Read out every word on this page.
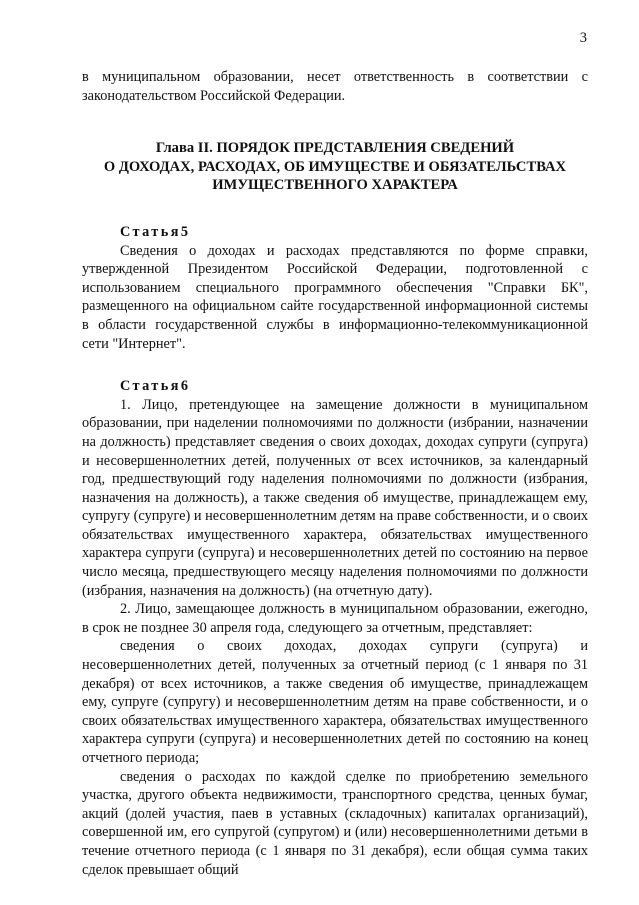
3

в муниципальном образовании, несет ответственность в соответствии с законодательством Российской Федерации.

Глава II. ПОРЯДОК ПРЕДСТАВЛЕНИЯ СВЕДЕНИЙ
О ДОХОДАХ, РАСХОДАХ, ОБ ИМУЩЕСТВЕ И ОБЯЗАТЕЛЬСТВАХ
ИМУЩЕСТВЕННОГО ХАРАКТЕРА
Статья5

Сведения о доходах и расходах представляются по форме справки, утвержденной Президентом Российской Федерации, подготовленной с использованием специального программного обеспечения "Справки БК", размещенного на официальном сайте государственной информационной системы в области государственной службы в информационно-телекоммуникационной сети "Интернет".

Статья6

1. Лицо, претендующее на замещение должности в муниципальном образовании, при наделении полномочиями по должности (избрании, назначении на должность) представляет сведения о своих доходах, доходах супруги (супруга) и несовершеннолетних детей, полученных от всех источников, за календарный год, предшествующий году наделения полномочиями по должности (избрания, назначения на должность), а также сведения об имуществе, принадлежащем ему, супругу (супруге) и несовершеннолетним детям на праве собственности, и о своих обязательствах имущественного характера, обязательствах имущественного характера супруги (супруга) и несовершеннолетних детей по состоянию на первое число месяца, предшествующего месяцу наделения полномочиями по должности (избрания, назначения на должность) (на отчетную дату).

2. Лицо, замещающее должность в муниципальном образовании, ежегодно, в срок не позднее 30 апреля года, следующего за отчетным, представляет:

сведения о своих доходах, доходах супруги (супруга) и несовершеннолетних детей, полученных за отчетный период (с 1 января по 31 декабря) от всех источников, а также сведения об имуществе, принадлежащем ему, супруге (супругу) и несовершеннолетним детям на праве собственности, и о своих обязательствах имущественного характера, обязательствах имущественного характера супруги (супруга) и несовершеннолетних детей по состоянию на конец отчетного периода;

сведения о расходах по каждой сделке по приобретению земельного участка, другого объекта недвижимости, транспортного средства, ценных бумаг, акций (долей участия, паев в уставных (складочных) капиталах организаций), совершенной им, его супругой (супругом) и (или) несовершеннолетними детьми в течение отчетного периода (с 1 января по 31 декабря), если общая сумма таких сделок превышает общий
